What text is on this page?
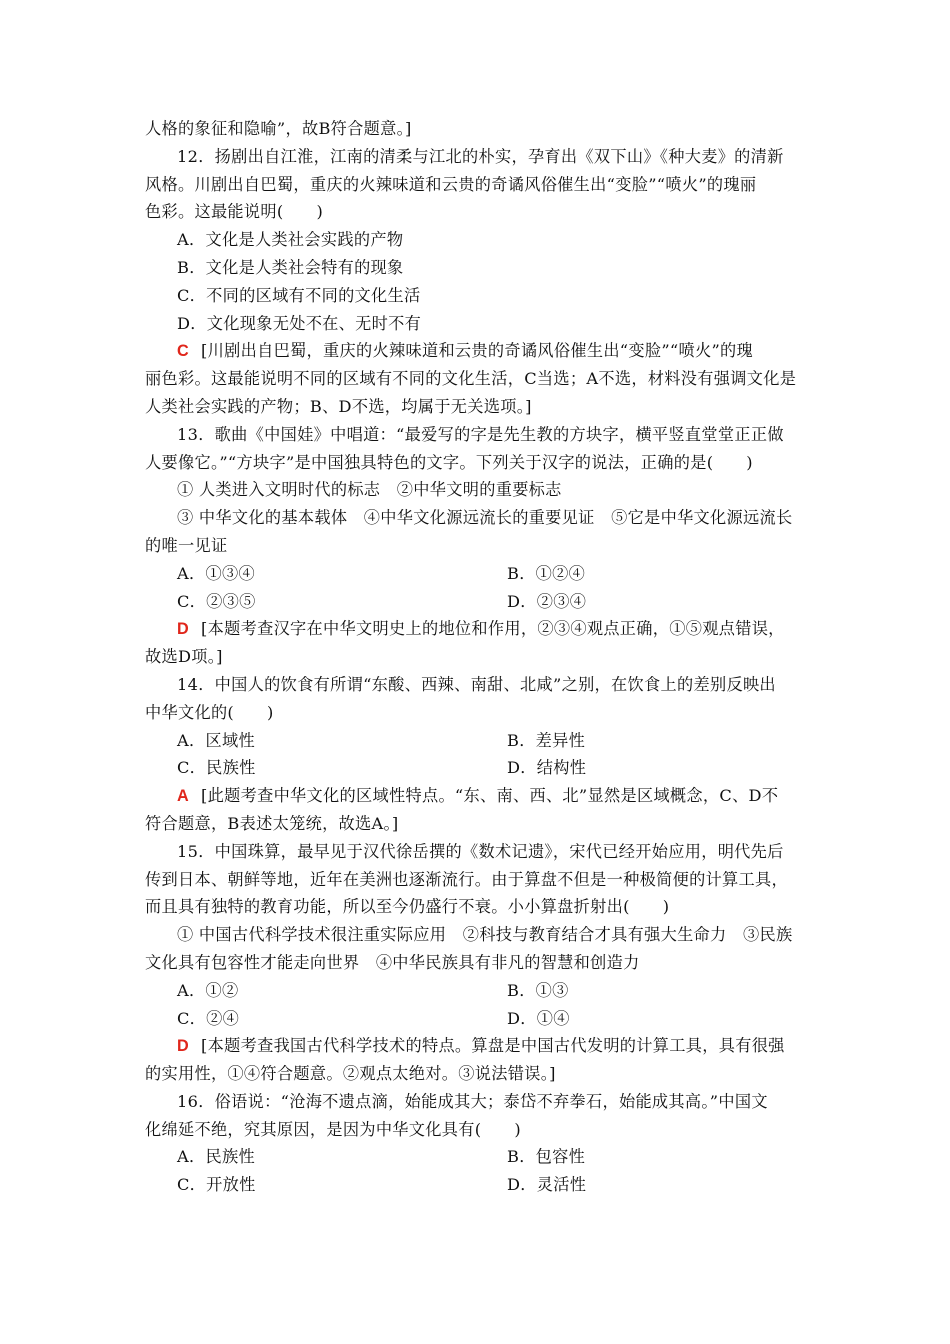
人格的象征和隐喻”，故B符合题意。]
12．扬剧出自江淮，江南的清柔与江北的朴实，孕育出《双下山》《种大麦》的清新
风格。川剧出自巴蜀，重庆的火辣味道和云贵的奇谲风俗催生出“变脸”“喷火”的瑰丽
色彩。这最能说明(　　)
A．文化是人类社会实践的产物
B．文化是人类社会特有的现象
C．不同的区域有不同的文化生活
D．文化现象无处不在、无时不有
C [川剧出自巴蜀，重庆的火辣味道和云贵的奇谲风俗催生出“变脸”“喷火”的瑰
丽色彩。这最能说明不同的区域有不同的文化生活，C当选；A不选，材料没有强调文化是
人类社会实践的产物；B、D不选，均属于无关选项。]
13．歌曲《中国娃》中唱道：“最爱写的字是先生教的方块字，横平竖直堂堂正正做
人要像它。”“方块字”是中国独具特色的文字。下列关于汉字的说法，正确的是(　　)
① 人类进入文明时代的标志　②中华文明的重要标志
③ 中华文化的基本载体　④中华文化源远流长的重要见证　⑤它是中华文化源远流长
的唯一见证
A．①③④	B．①②④
C．②③⑤	D．②③④
D [本题考查汉字在中华文明史上的地位和作用，②③④观点正确，①⑤观点错误，
故选D项。]
14．中国人的饮食有所谓“东酸、西辣、南甜、北咸”之别，在饮食上的差别反映出
中华文化的(　　)
A．区域性	B．差异性
C．民族性	D．结构性
A [此题考查中华文化的区域性特点。“东、南、西、北”显然是区域概念，C、D不
符合题意，B表述太笼统，故选A。]
15．中国珠算，最早见于汉代徐岳撰的《数术记遗》，宋代已经开始应用，明代先后
传到日本、朝鲜等地，近年在美洲也逐渐流行。由于算盘不但是一种极简便的计算工具，
而且具有独特的教育功能，所以至今仍盛行不衰。小小算盘折射出(　　)
① 中国古代科学技术很注重实际应用　②科技与教育结合才具有强大生命力　③民族
文化具有包容性才能走向世界　④中华民族具有非凡的智慧和创造力
A．①②	B．①③
C．②④	D．①④
D [本题考查我国古代科学技术的特点。算盘是中国古代发明的计算工具，具有很强
的实用性，①④符合题意。②观点太绝对。③说法错误。]
16．俗语说：“沧海不遗点滴，始能成其大；泰岱不弃拳石，始能成其高。”中国文
化绵延不绝，究其原因，是因为中华文化具有(　　)
A．民族性	B．包容性
C．开放性	D．灵活性
